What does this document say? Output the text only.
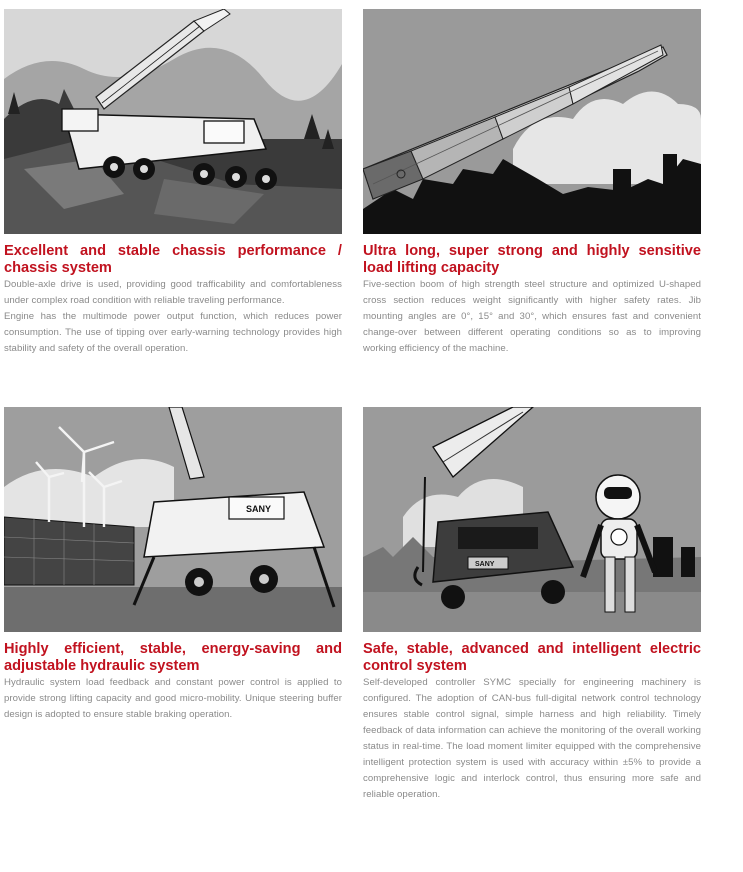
Excellent and stable chassis performance / chassis system

Double-axle drive is used, providing good trafficability and comfortableness under complex road condition with reliable traveling performance.

Engine has the multimode power output function, which reduces power consumption. The use of tipping over early-warning technology provides high stability and safety of the overall operation.

Ultra long, super strong and highly sensitive load lifting capacity

Five-section boom of high strength steel structure and optimized U-shaped cross section reduces weight significantly with higher safety rates. Jib mounting angles are 0°, 15° and 30°, which ensures fast and convenient change-over between different operating conditions so as to improving working efficiency of the machine.

SANY
Highly efficient, stable, energy-saving and adjustable hydraulic system

Hydraulic system load feedback and constant power control is applied to provide strong lifting capacity and good micro-mobility. Unique steering buffer design is adopted to ensure stable braking operation.

SANY
Safe, stable, advanced and intelligent electric control system

Self-developed controller SYMC specially for engineering machinery is configured. The adoption of CAN-bus full-digital network control technology ensures stable control signal, simple harness and high reliability. Timely feedback of data information can achieve the monitoring of the overall working status in real-time. The load moment limiter equipped with the comprehensive intelligent protection system is used with accuracy within ±5% to provide a comprehensive logic and interlock control, thus ensuring more safe and reliable operation.
